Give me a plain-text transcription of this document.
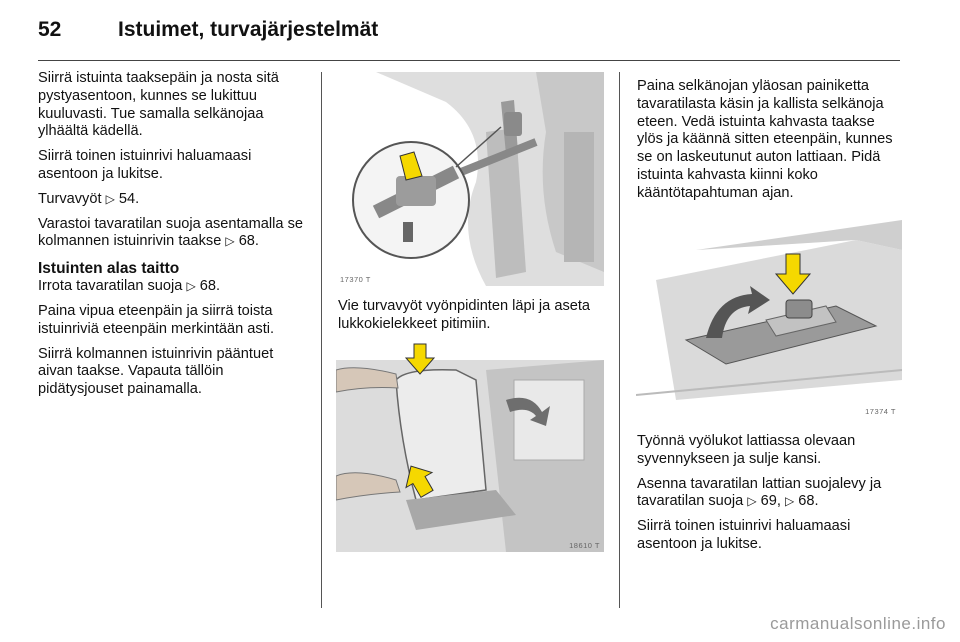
52	Istuimet, turvajärjestelmät

Siirrä istuinta taaksepäin ja nosta sitä pystyasentoon, kunnes se lukittuu kuuluvasti. Tue samalla selkänojaa ylhäältä kädellä.

Siirrä toinen istuinrivi haluamaasi asentoon ja lukitse.

Turvavyöt ▷ 54.

Varastoi tavaratilan suoja asentamalla se kolmannen istuinrivin taakse ▷ 68.

Istuinten alas taitto

Irrota tavaratilan suoja ▷ 68.

Paina vipua eteenpäin ja siirrä toista istuinriviä eteenpäin merkintään asti.

Siirrä kolmannen istuinrivin pääntuet aivan taakse. Vapauta tällöin pidätysjouset painamalla.

17370 T

Vie turvavyöt vyönpidinten läpi ja aseta lukkokielekkeet pitimiin.

18610 T

Paina selkänojan yläosan painiketta tavaratilasta käsin ja kallista selkänoja eteen. Vedä istuinta kahvasta taakse ylös ja käännä sitten eteenpäin, kunnes se on laskeutunut auton lattiaan. Pidä istuinta kahvasta kiinni koko kääntötapahtuman ajan.

17374 T

Työnnä vyölukot lattiassa olevaan syvennykseen ja sulje kansi.

Asenna tavaratilan lattian suojalevy ja tavaratilan suoja ▷ 69, ▷ 68.

Siirrä toinen istuinrivi haluamaasi asentoon ja lukitse.

carmanualsonline.info
